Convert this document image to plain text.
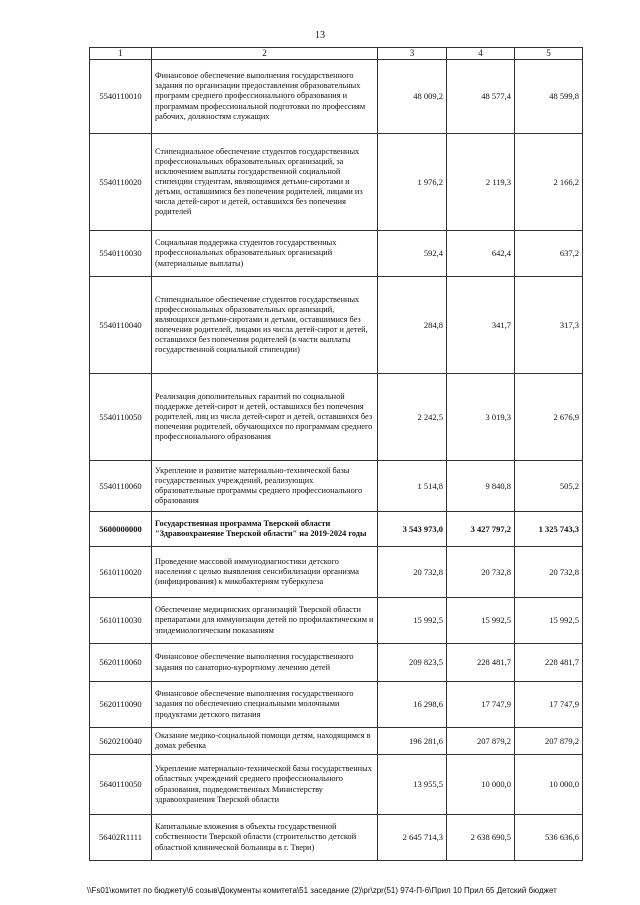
13
1	2	3	4	5
5540110010	Финансовое обеспечение выполнения государственного задания по организации предоставления образовательных программ среднего профессионального образования и программам профессиональной подготовки по профессиям рабочих, должностям служащих	48 009,2	48 577,4	48 599,8
5540110020	Стипендиальное обеспечение студентов государственных профессиональных образовательных организаций, за исключением выплаты государственной социальной стипендии студентам, являющимся детьми-сиротами и детьми, оставшимися без попечения родителей, лицами из числа детей-сирот и детей, оставшихся без попечения родителей	1 976,2	2 119,3	2 166,2
5540110030	Социальная поддержка студентов государственных профессиональных образовательных организаций (материальные выплаты)	592,4	642,4	637,2
5540110040	Стипендиальное обеспечение студентов государственных профессиональных образовательных организаций, являющихся детьми-сиротами и детьми, оставшимися без попечения родителей, лицами из числа детей-сирот и детей, оставшихся без попечения родителей (в части выплаты государственной социальной стипендии)	284,8	341,7	317,3
5540110050	Реализация дополнительных гарантий по социальной поддержке детей-сирот и детей, оставшихся без попечения родителей, лиц из числа детей-сирот и детей, оставшихся без попечения родителей, обучающихся по программам среднего профессионального образования	2 242,5	3 019,3	2 676,9
5540110060	Укрепление и развитие материально-технической базы государственных учреждений, реализующих образовательные программы среднего профессионального образования	1 514,8	9 840,8	505,2
5600000000	Государственная программа Тверской области "Здравоохранение Тверской области" на 2019-2024 годы	3 543 973,0	3 427 797,2	1 325 743,3
5610110020	Проведение массовой иммунодиагностики детского населения с целью выявления сенсибилизации организма (инфицирования) к микобактериям туберкулеза	20 732,8	20 732,8	20 732,8
5610110030	Обеспечение медицинских организаций Тверской области препаратами для иммунизации детей по профилактическим и эпидемиологическим показаниям	15 992,5	15 992,5	15 992,5
5620110060	Финансовое обеспечение выполнения государственного задания по санаторно-курортному лечению детей	209 823,5	228 481,7	228 481,7
5620110090	Финансовое обеспечение выполнения государственного задания по обеспечению специальными молочными продуктами детского питания	16 298,6	17 747,9	17 747,9
5620210040	Оказание медико-социальной помощи детям, находящимся в домах ребенка	196 281,6	207 879,2	207 879,2
5640110050	Укрепление материально-технической базы государственных областных учреждений среднего профессионального образования, подведомственных Министерству здравоохранения Тверской области	13 955,5	10 000,0	10 000,0
56402R1111	Капитальные вложения в объекты государственной собственности Тверской области (строительство детской областной клинической больницы в г. Твери)	2 645 714,3	2 638 690,5	536 636,6
\\Fs01\комитет по бюджету\6 созыв\Документы комитета\51 заседание (2)\pr\zpr(51) 974-П-6\Прил 10 Прил 65 Детский бюджет
